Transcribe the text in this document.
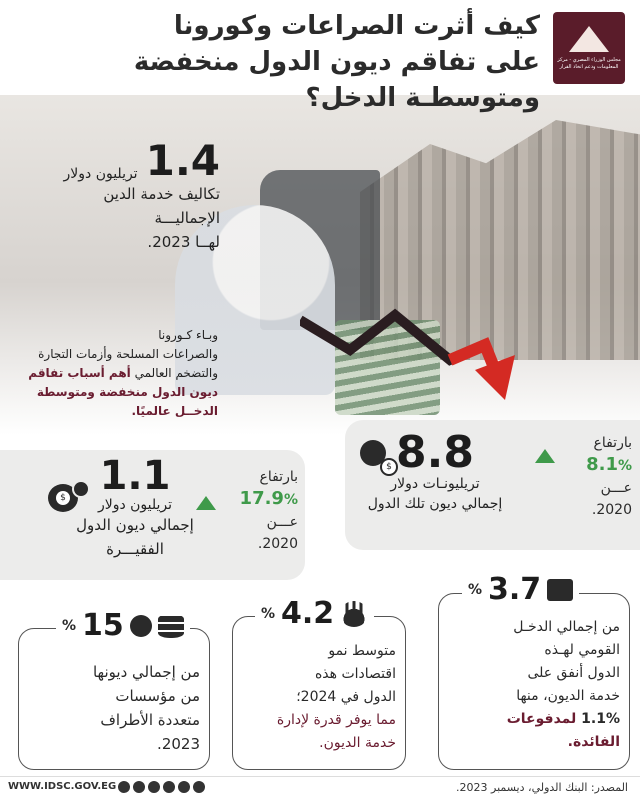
مجلس الوزراء المصري - مركز المعلومات ودعم اتخاذ القرار
كيف أثرت الصراعات وكورونا
على تفاقم ديون الدول منخفضة
ومتوسطـة الدخل؟
1.4
تريليون دولار
تكاليف خدمة الدين
الإجماليـــة
لهــا 2023.
وبـاء كـورونا
والصراعات المسلحة وأزمات التجارة
والتضخم العالمي أهم أسباب تفاقم
ديون الدول منخفضة ومتوسطة
الدخــل عالميًا.
$ 8.8
تريليونـات دولار
إجمالي ديون تلك الدول
بارتفاع
8.1%
عـــن
2020.
$ 1.1
تريليون دولار
إجمالي ديون الدول
الفقيـــرة
بارتفاع
17.9%
عـــن
2020.
% 15
من إجمالي ديونها
من مؤسسات
متعددة الأطراف
2023.
% 4.2
متوسط نمو
اقتصادات هذه
الدول في 2024؛
مما يوفر قدرة لإدارة
خدمة الديون.
% 3.7
من إجمالي الدخـل
القومي لهـذه
الدول أنفق على
خدمة الديون، منها
1.1% لمدفوعات
الفائدة.
WWW.IDSC.GOV.EG	المصدر: البنك الدولي، ديسمبر 2023.
